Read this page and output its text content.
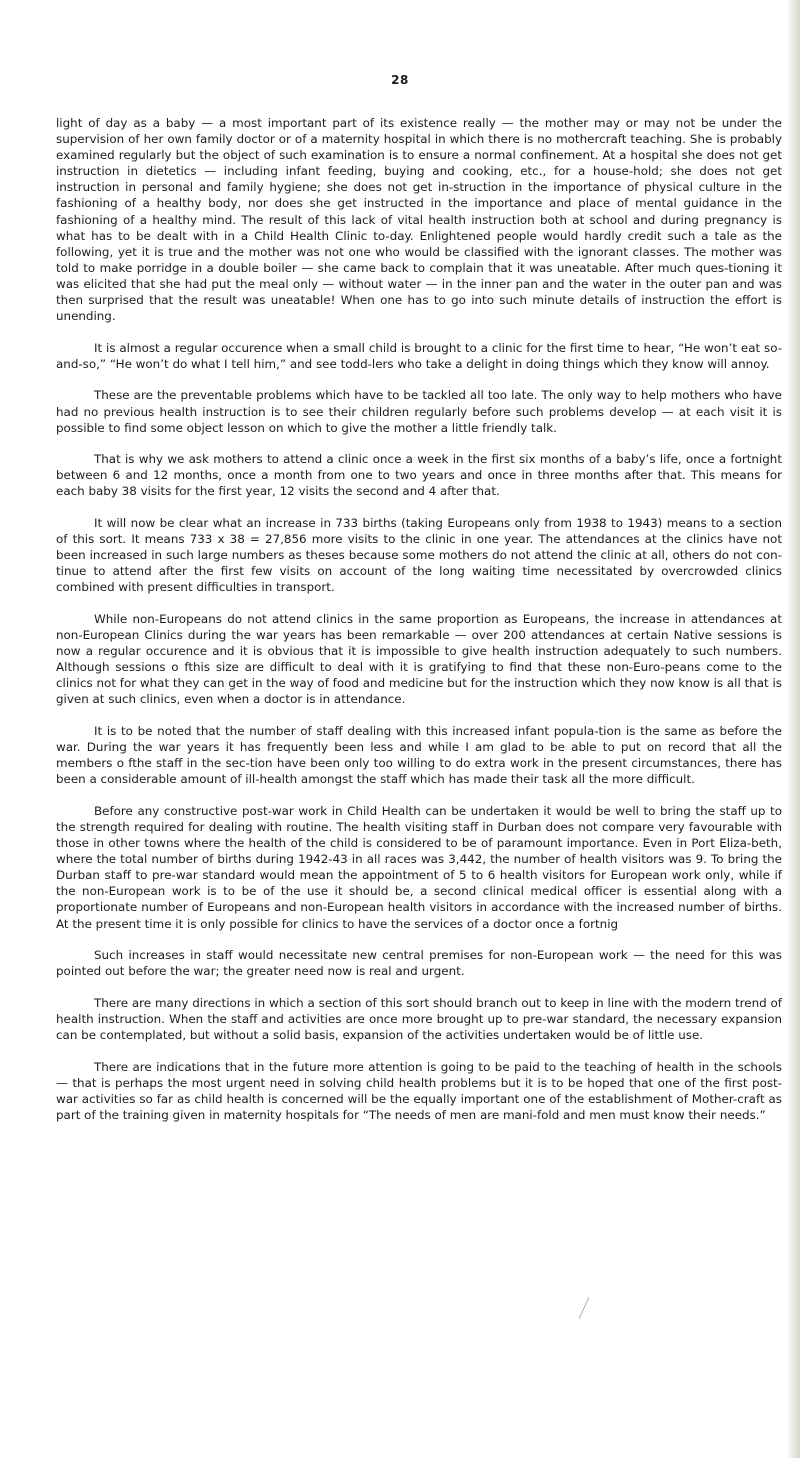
28

light of day as a baby — a most important part of its existence really — the mother may or may not be under the supervision of her own family doctor or of a maternity hospital in which there is no mothercraft teaching. She is probably examined regularly but the object of such examination is to ensure a normal confinement. At a hospital she does not get instruction in dietetics — including infant feeding, buying and cooking, etc., for a house-hold; she does not get instruction in personal and family hygiene; she does not get in-struction in the importance of physical culture in the fashioning of a healthy body, nor does she get instructed in the importance and place of mental guidance in the fashioning of a healthy mind. The result of this lack of vital health instruction both at school and during pregnancy is what has to be dealt with in a Child Health Clinic to-day. Enlightened people would hardly credit such a tale as the following, yet it is true and the mother was not one who would be classified with the ignorant classes. The mother was told to make porridge in a double boiler — she came back to complain that it was uneatable. After much ques-tioning it was elicited that she had put the meal only — without water — in the inner pan and the water in the outer pan and was then surprised that the result was uneatable! When one has to go into such minute details of instruction the effort is unending.

It is almost a regular occurence when a small child is brought to a clinic for the first time to hear, “He won’t eat so-and-so,” “He won’t do what I tell him,” and see todd-lers who take a delight in doing things which they know will annoy.

These are the preventable problems which have to be tackled all too late. The only way to help mothers who have had no previous health instruction is to see their children regularly before such problems develop — at each visit it is possible to find some object lesson on which to give the mother a little friendly talk.

That is why we ask mothers to attend a clinic once a week in the first six months of a baby’s life, once a fortnight between 6 and 12 months, once a month from one to two years and once in three months after that. This means for each baby 38 visits for the first year, 12 visits the second and 4 after that.

It will now be clear what an increase in 733 births (taking Europeans only from 1938 to 1943) means to a section of this sort. It means 733 x 38 = 27,856 more visits to the clinic in one year. The attendances at the clinics have not been increased in such large numbers as theses because some mothers do not attend the clinic at all, others do not con-tinue to attend after the first few visits on account of the long waiting time necessitated by overcrowded clinics combined with present difficulties in transport.

While non-Europeans do not attend clinics in the same proportion as Europeans, the increase in attendances at non-European Clinics during the war years has been remarkable — over 200 attendances at certain Native sessions is now a regular occurence and it is obvious that it is impossible to give health instruction adequately to such numbers. Although sessions o fthis size are difficult to deal with it is gratifying to find that these non-Euro-peans come to the clinics not for what they can get in the way of food and medicine but for the instruction which they now know is all that is given at such clinics, even when a doctor is in attendance.

It is to be noted that the number of staff dealing with this increased infant popula-tion is the same as before the war. During the war years it has frequently been less and while I am glad to be able to put on record that all the members o fthe staff in the sec-tion have been only too willing to do extra work in the present circumstances, there has been a considerable amount of ill-health amongst the staff which has made their task all the more difficult.

Before any constructive post-war work in Child Health can be undertaken it would be well to bring the staff up to the strength required for dealing with routine. The health visiting staff in Durban does not compare very favourable with those in other towns where the health of the child is considered to be of paramount importance. Even in Port Eliza-beth, where the total number of births during 1942-43 in all races was 3,442, the number of health visitors was 9. To bring the Durban staff to pre-war standard would mean the appointment of 5 to 6 health visitors for European work only, while if the non-European work is to be of the use it should be, a second clinical medical officer is essential along with a proportionate number of Europeans and non-European health visitors in accordance with the increased number of births. At the present time it is only possible for clinics to have the services of a doctor once a fortnig

Such increases in staff would necessitate new central premises for non-European work — the need for this was pointed out before the war; the greater need now is real and urgent.

There are many directions in which a section of this sort should branch out to keep in line with the modern trend of health instruction. When the staff and activities are once more brought up to pre-war standard, the necessary expansion can be contemplated, but without a solid basis, expansion of the activities undertaken would be of little use.

There are indications that in the future more attention is going to be paid to the teaching of health in the schools — that is perhaps the most urgent need in solving child health problems but it is to be hoped that one of the first post-war activities so far as child health is concerned will be the equally important one of the establishment of Mother-craft as part of the training given in maternity hospitals for “The needs of men are mani-fold and men must know their needs.”
